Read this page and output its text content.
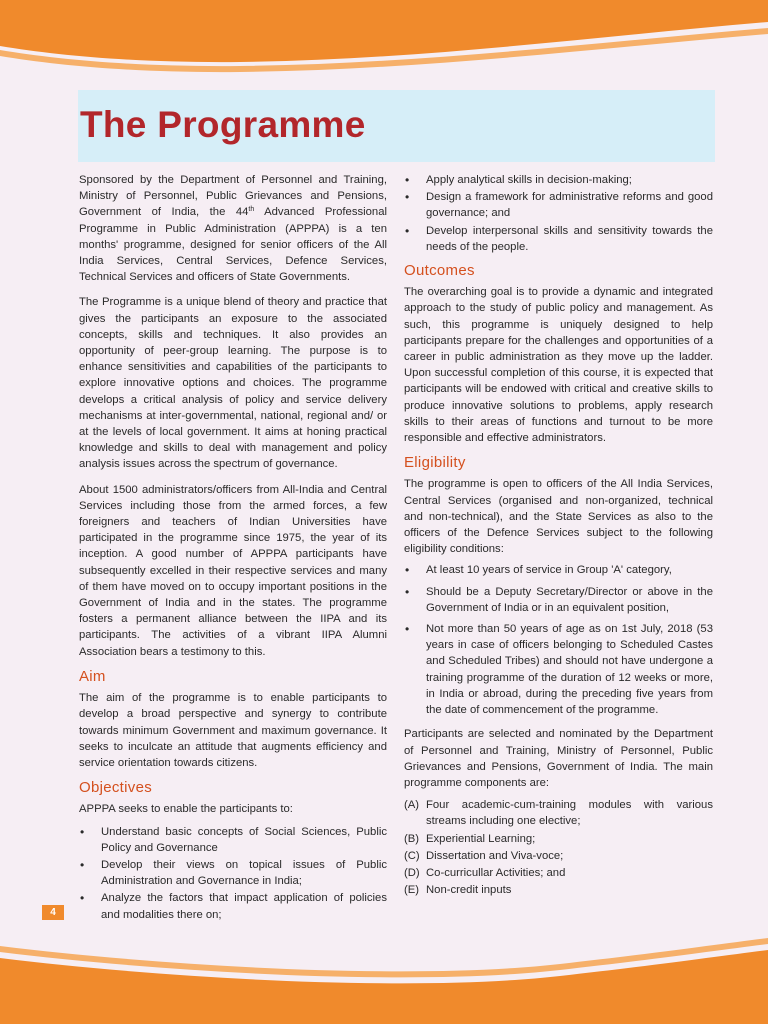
The Programme

Sponsored by the Department of Personnel and Training, Ministry of Personnel, Public Grievances and Pensions, Government of India, the 44th Advanced Professional Programme in Public Administration (APPPA) is a ten months' programme, designed for senior officers of the All India Services, Central Services, Defence Services, Technical Services and officers of State Governments.

The Programme is a unique blend of theory and practice that gives the participants an exposure to the associated concepts, skills and techniques. It also provides an opportunity of peer-group learning. The purpose is to enhance sensitivities and capabilities of the participants to explore innovative options and choices. The programme develops a critical analysis of policy and service delivery mechanisms at inter-governmental, national, regional and/ or at the levels of local government. It aims at honing practical knowledge and skills to deal with management and policy analysis issues across the spectrum of governance.

About 1500 administrators/officers from All-India and Central Services including those from the armed forces, a few foreigners and teachers of Indian Universities have participated in the programme since 1975, the year of its inception. A good number of APPPA participants have subsequently excelled in their respective services and many of them have moved on to occupy important positions in the Government of India and in the states. The programme fosters a permanent alliance between the IIPA and its participants. The activities of a vibrant IIPA Alumni Association bears a testimony to this.

Aim

The aim of the programme is to enable participants to develop a broad perspective and synergy to contribute towards minimum Government and maximum governance. It seeks to inculcate an attitude that augments efficiency and service orientation towards citizens.

Objectives

APPPA seeks to enable the participants to:

• Understand basic concepts of Social Sciences, Public Policy and Governance
• Develop their views on topical issues of Public Administration and Governance in India;
• Analyze the factors that impact application of policies and modalities there on;
• Apply analytical skills in decision-making;
• Design a framework for administrative reforms and good governance; and
• Develop interpersonal skills and sensitivity towards the needs of the people.
Outcomes

The overarching goal is to provide a dynamic and integrated approach to the study of public policy and management. As such, this programme is uniquely designed to help participants prepare for the challenges and opportunities of a career in public administration as they move up the ladder. Upon successful completion of this course, it is expected that participants will be endowed with critical and creative skills to produce innovative solutions to problems, apply research skills to their areas of functions and turnout to be more responsible and effective administrators.

Eligibility

The programme is open to officers of the All India Services, Central Services (organised and non-organized, technical and non-technical), and the State Services as also to the officers of the Defence Services subject to the following eligibility conditions:

• At least 10 years of service in Group 'A' category,
• Should be a Deputy Secretary/Director or above in the Government of India or in an equivalent position,
• Not more than 50 years of age as on 1st July, 2018 (53 years in case of officers belonging to Scheduled Castes and Scheduled Tribes) and should not have undergone a training programme of the duration of 12 weeks or more, in India or abroad, during the preceding five years from the date of commencement of the programme.

Participants are selected and nominated by the Department of Personnel and Training, Ministry of Personnel, Public Grievances and Pensions, Government of India. The main programme components are:

(A) Four academic-cum-training modules with various streams including one elective;
(B) Experiential Learning;
(C) Dissertation and Viva-voce;
(D) Co-curricullar Activities; and
(E) Non-credit inputs
4
